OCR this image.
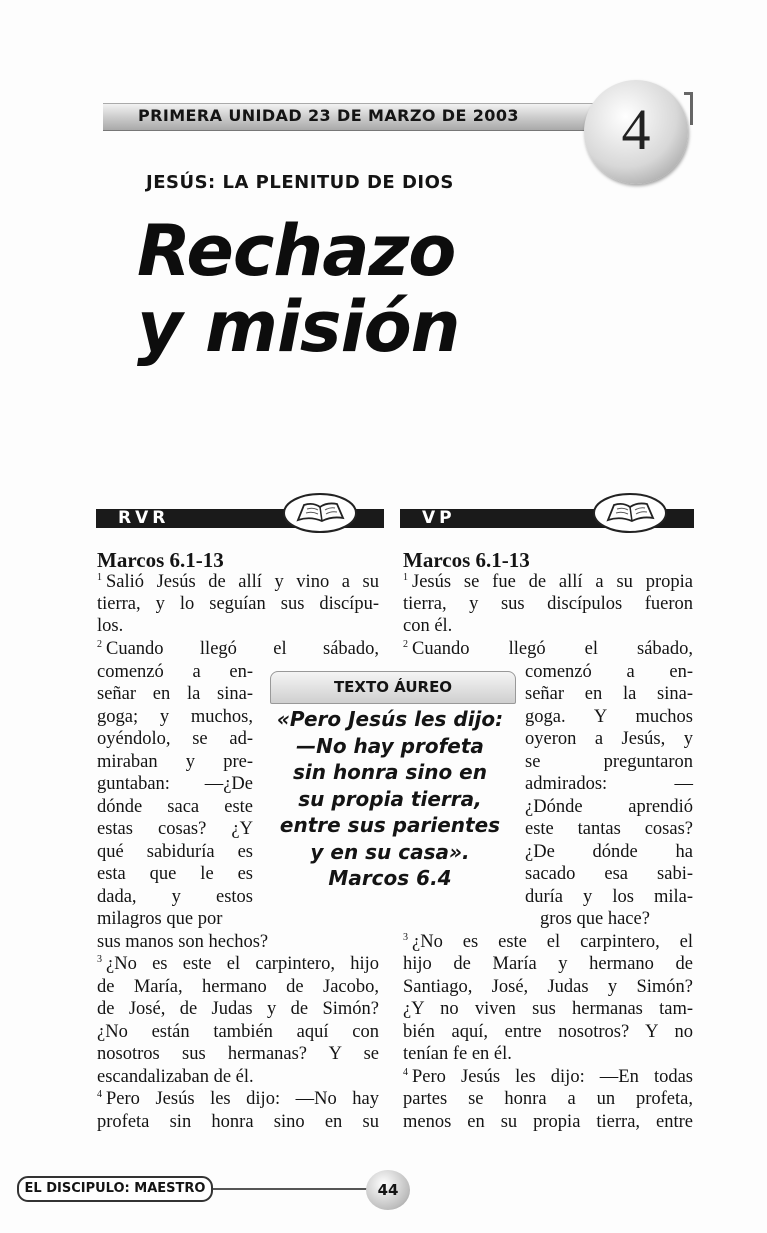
PRIMERA UNIDAD 23 DE MARZO DE 2003	4
JESÚS: LA PLENITUD DE DIOS
Rechazo
y misión
RVR	VP
Marcos 6.1-13	Marcos 6.1-13
$^1$ Salió Jesús de allí y vino a su
tierra, y lo seguían sus discípu-
los.
$^2$ Cuando llegó el sábado,
comenzó a en-
señar en la sina-
goga; y muchos,
oyéndolo, se ad-
miraban y pre-
guntaban: —¿De
dónde saca este
estas cosas? ¿Y
qué sabiduría es
esta que le es
dada, y estos
milagros que por
sus manos son hechos?
$^3$ ¿No es este el carpintero, hijo
de María, hermano de Jacobo,
de José, de Judas y de Simón?
¿No están también aquí con
nosotros sus hermanas? Y se
escandalizaban de él.
$^4$ Pero Jesús les dijo: —No hay
profeta sin honra sino en su
$^1$ Jesús se fue de allí a su propia
tierra, y sus discípulos fueron
con él.
$^2$ Cuando llegó el sábado,
comenzó a en-
señar en la sina-
goga. Y muchos
oyeron a Jesús, y
se preguntaron
admirados: —
¿Dónde aprendió
este tantas cosas?
¿De dónde ha
sacado esa sabi-
duría y los mila-
gros que hace?
$^3$ ¿No es este el carpintero, el
hijo de María y hermano de
Santiago, José, Judas y Simón?
¿Y no viven sus hermanas tam-
bién aquí, entre nosotros? Y no
tenían fe en él.
$^4$ Pero Jesús les dijo: —En todas
partes se honra a un profeta,
menos en su propia tierra, entre
TEXTO ÁUREO
«Pero Jesús les dijo:
—No hay profeta
sin honra sino en
su propia tierra,
entre sus parientes
y en su casa».
Marcos 6.4
EL DISCIPULO: MAESTRO	44
